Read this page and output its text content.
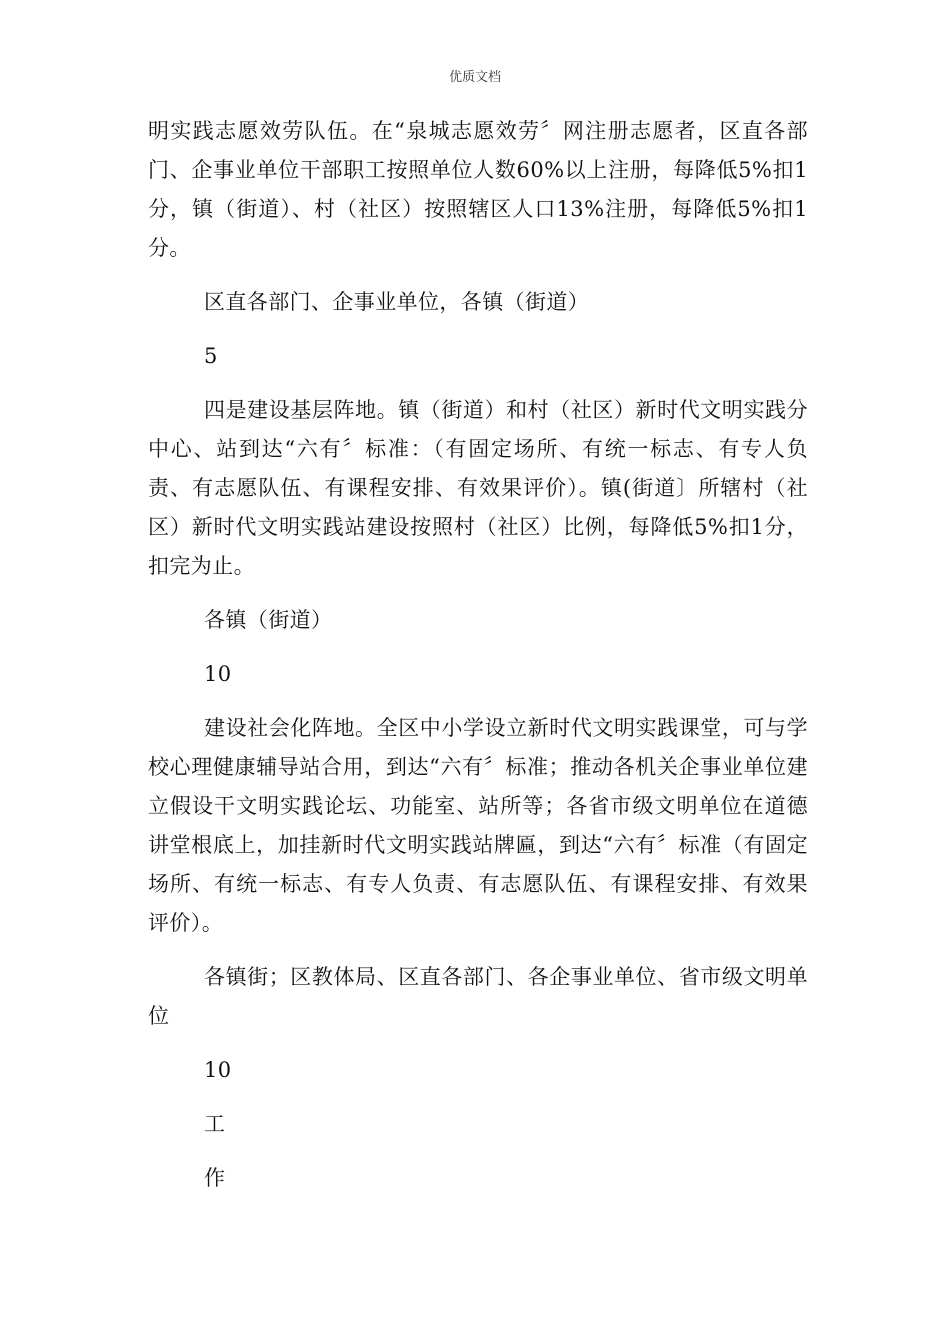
优质文档

明实践志愿效劳队伍。在“泉城志愿效劳〞网注册志愿者，区直各部门、企事业单位干部职工按照单位人数60%以上注册，每降低5%扣1分，镇（街道）、村（社区）按照辖区人口13%注册，每降低5%扣1分。

区直各部门、企事业单位，各镇（街道）

5

四是建设基层阵地。镇（街道）和村（社区）新时代文明实践分中心、站到达“六有〞标准：（有固定场所、有统一标志、有专人负责、有志愿队伍、有课程安排、有效果评价）。镇(街道〕所辖村（社区）新时代文明实践站建设按照村（社区）比例，每降低5%扣1分，扣完为止。

各镇（街道）

10

建设社会化阵地。全区中小学设立新时代文明实践课堂，可与学校心理健康辅导站合用，到达“六有〞标准；推动各机关企事业单位建立假设干文明实践论坛、功能室、站所等；各省市级文明单位在道德讲堂根底上，加挂新时代文明实践站牌匾，到达“六有〞标准（有固定场所、有统一标志、有专人负责、有志愿队伍、有课程安排、有效果评价）。

各镇街；区教体局、区直各部门、各企事业单位、省市级文明单位

10

工

作
